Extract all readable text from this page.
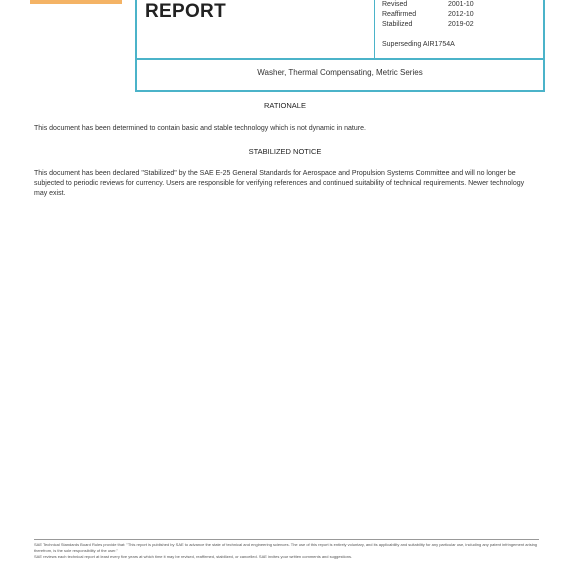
REPORT	Revised	2001-10
Reaffirmed	2012-10
Stabilized	2019-02
Superseding AIR1754A
Washer, Thermal Compensating, Metric Series
RATIONALE
This document has been determined to contain basic and stable technology which is not dynamic in nature.
STABILIZED NOTICE
This document has been declared "Stabilized" by the SAE E-25 General Standards for Aerospace and Propulsion Systems Committee and will no longer be subjected to periodic reviews for currency. Users are responsible for verifying references and continued suitability of technical requirements. Newer technology may exist.

SAE Technical Standards Board Rules provide that: "This report is published by SAE to advance the state of technical and engineering sciences. The use of this report is entirely voluntary, and its applicability and suitability for any particular use, including any patent infringement arising therefrom, is the sole responsibility of the user."

SAE reviews each technical report at least every five years at which time it may be revised, reaffirmed, stabilized, or cancelled. SAE invites your written comments and suggestions.
